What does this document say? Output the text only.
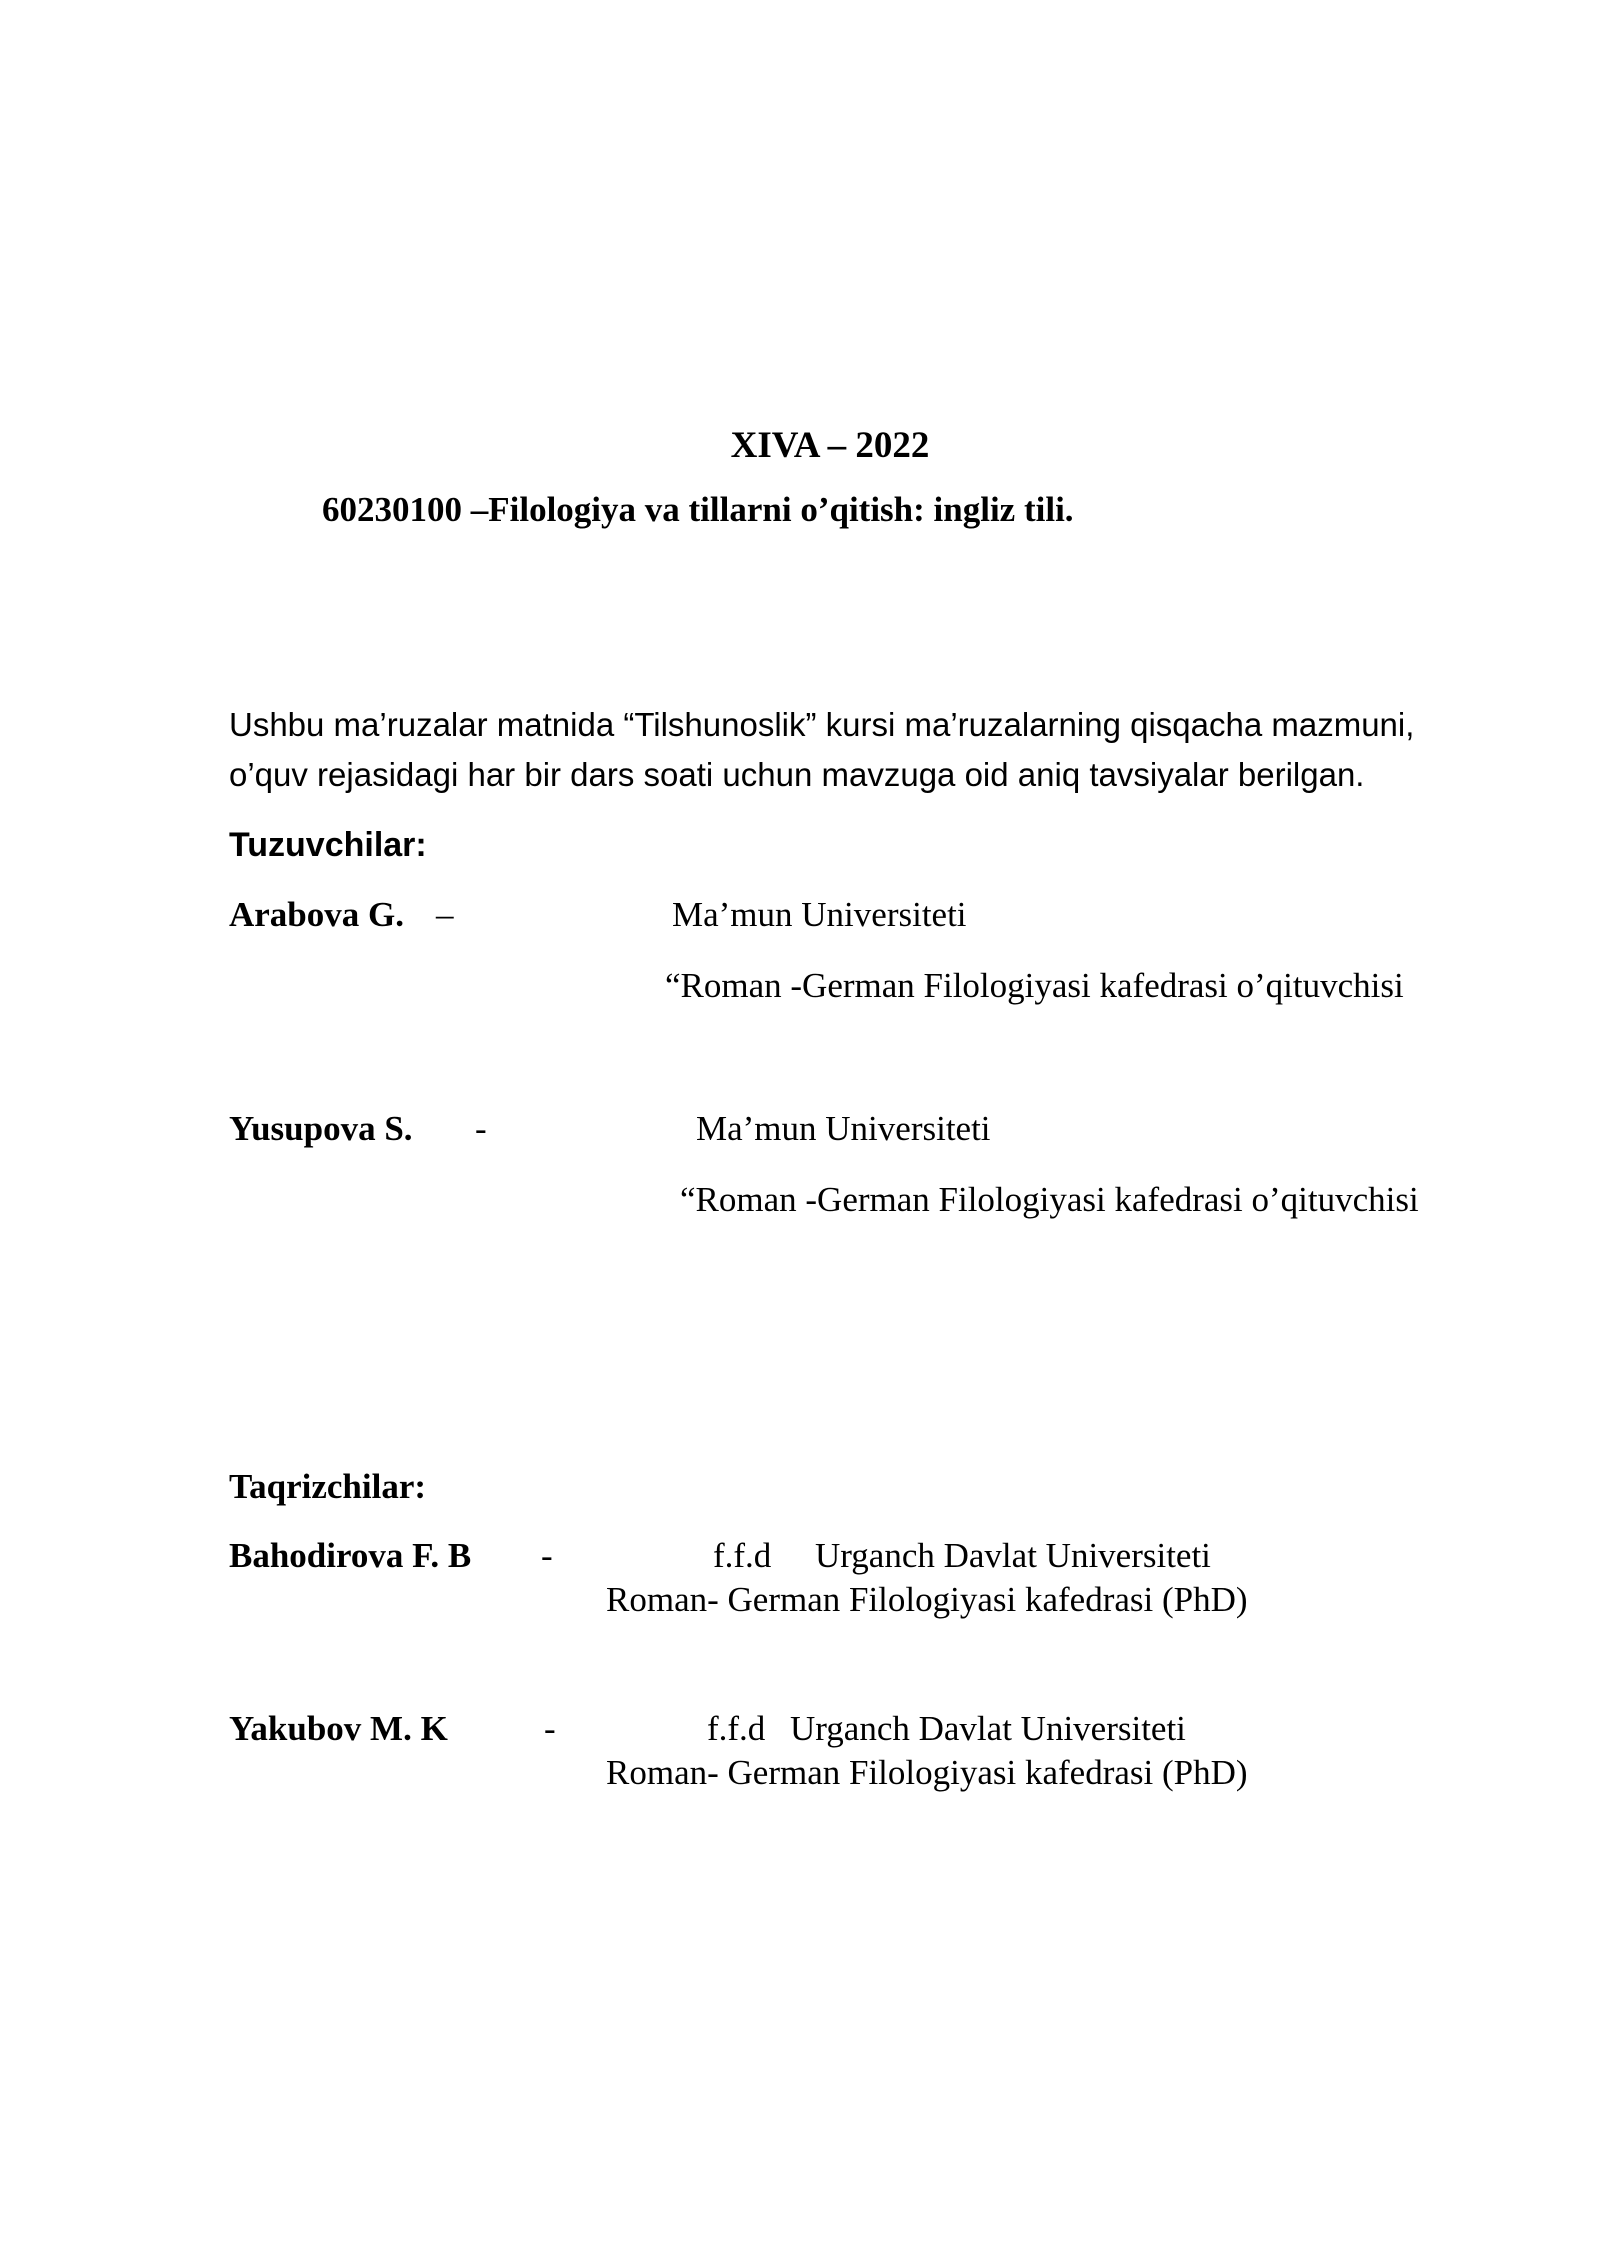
XIVA – 2022
60230100 –Filologiya va tillarni o’qitish: ingliz tili.
Ushbu ma’ruzalar matnida “Tilshunoslik” kursi ma’ruzalarning qisqacha mazmuni,
o’quv rejasidagi har bir dars soati uchun mavzuga oid aniq tavsiyalar berilgan.
Tuzuvchilar:
Arabova G. –	Ma’mun Universiteti
“Roman -German Filologiyasi kafedrasi o’qituvchisi
Yusupova S. -	Ma’mun Universiteti
“Roman -German Filologiyasi kafedrasi o’qituvchisi
Taqrizchilar:
Bahodirova F. B -	f.f.d Urganch Davlat Universiteti
Roman- German Filologiyasi kafedrasi (PhD)
Yakubov M. K	-	f.f.d Urganch Davlat Universiteti
Roman- German Filologiyasi kafedrasi (PhD)
